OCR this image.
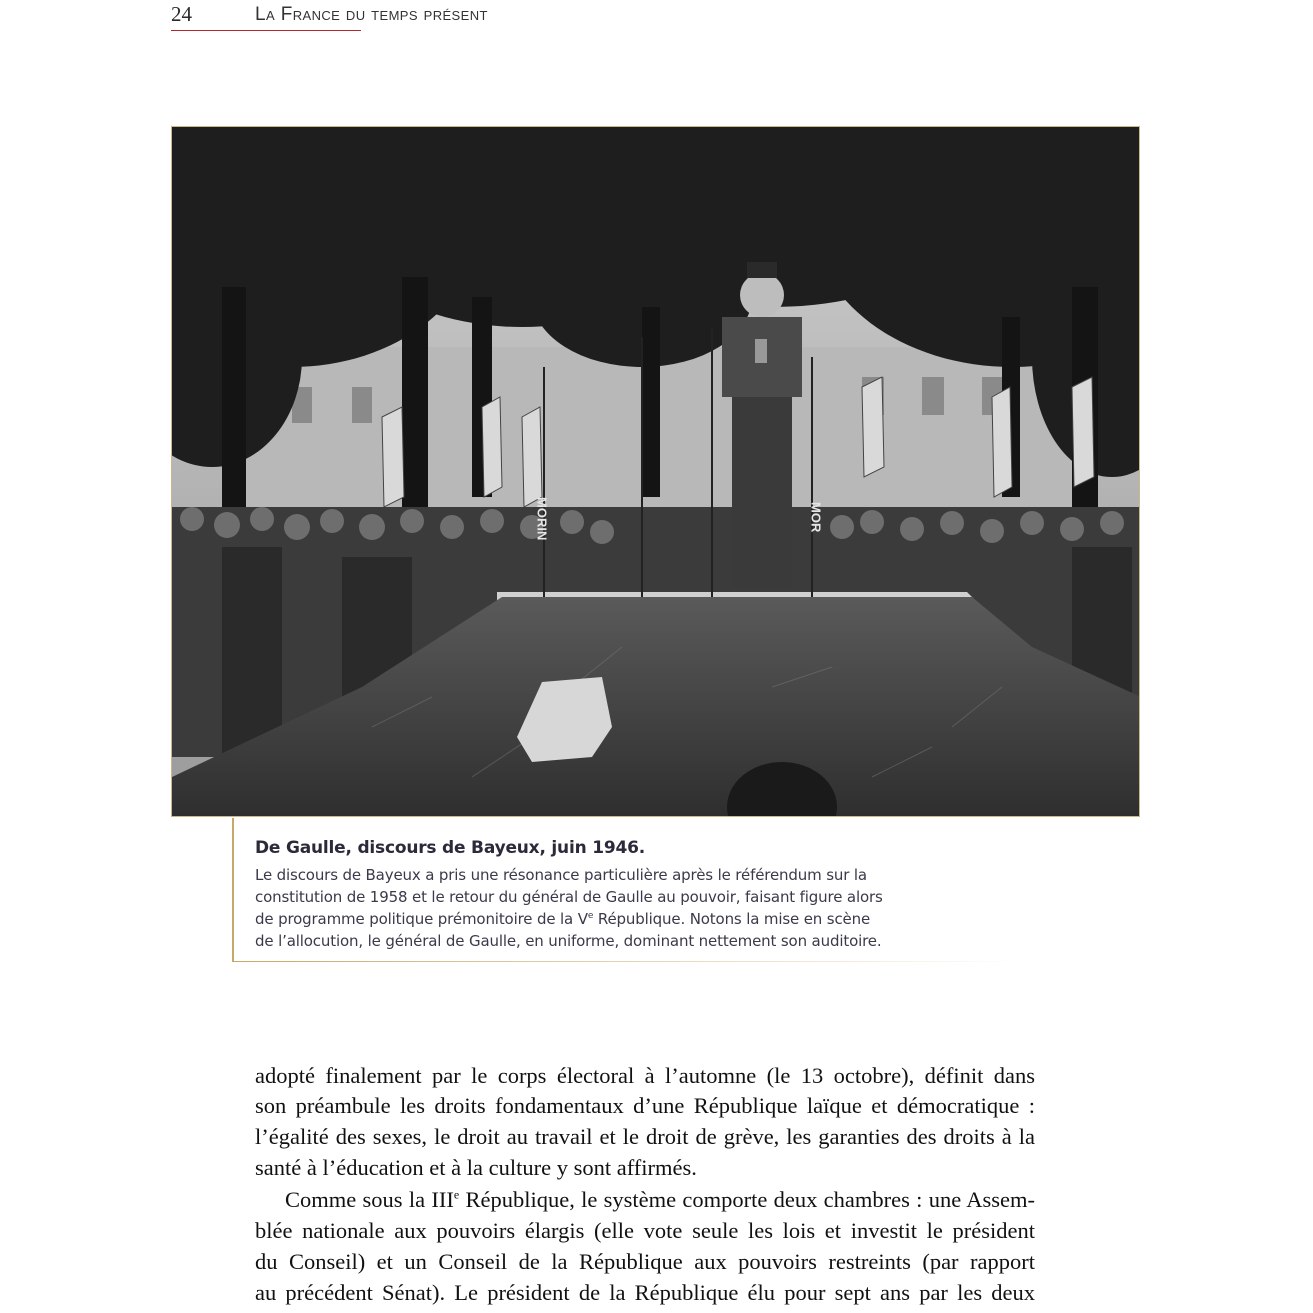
24	La France du temps présent
MORIN	MOR
De Gaulle, discours de Bayeux, juin 1946.
Le discours de Bayeux a pris une résonance particulière après le référendum sur la
constitution de 1958 et le retour du général de Gaulle au pouvoir, faisant figure alors
de programme politique prémonitoire de la Ve République. Notons la mise en scène
de l’allocution, le général de Gaulle, en uniforme, dominant nettement son auditoire.
adopté finalement par le corps électoral à l’automne (le 13 octobre), définit dans
son préambule les droits fondamentaux d’une République laïque et démocratique :
l’égalité des sexes, le droit au travail et le droit de grève, les garanties des droits à la
santé à l’éducation et à la culture y sont affirmés.
Comme sous la IIIe République, le système comporte deux chambres : une Assem-
blée nationale aux pouvoirs élargis (elle vote seule les lois et investit le président
du Conseil) et un Conseil de la République aux pouvoirs restreints (par rapport
au précédent Sénat). Le président de la République élu pour sept ans par les deux
